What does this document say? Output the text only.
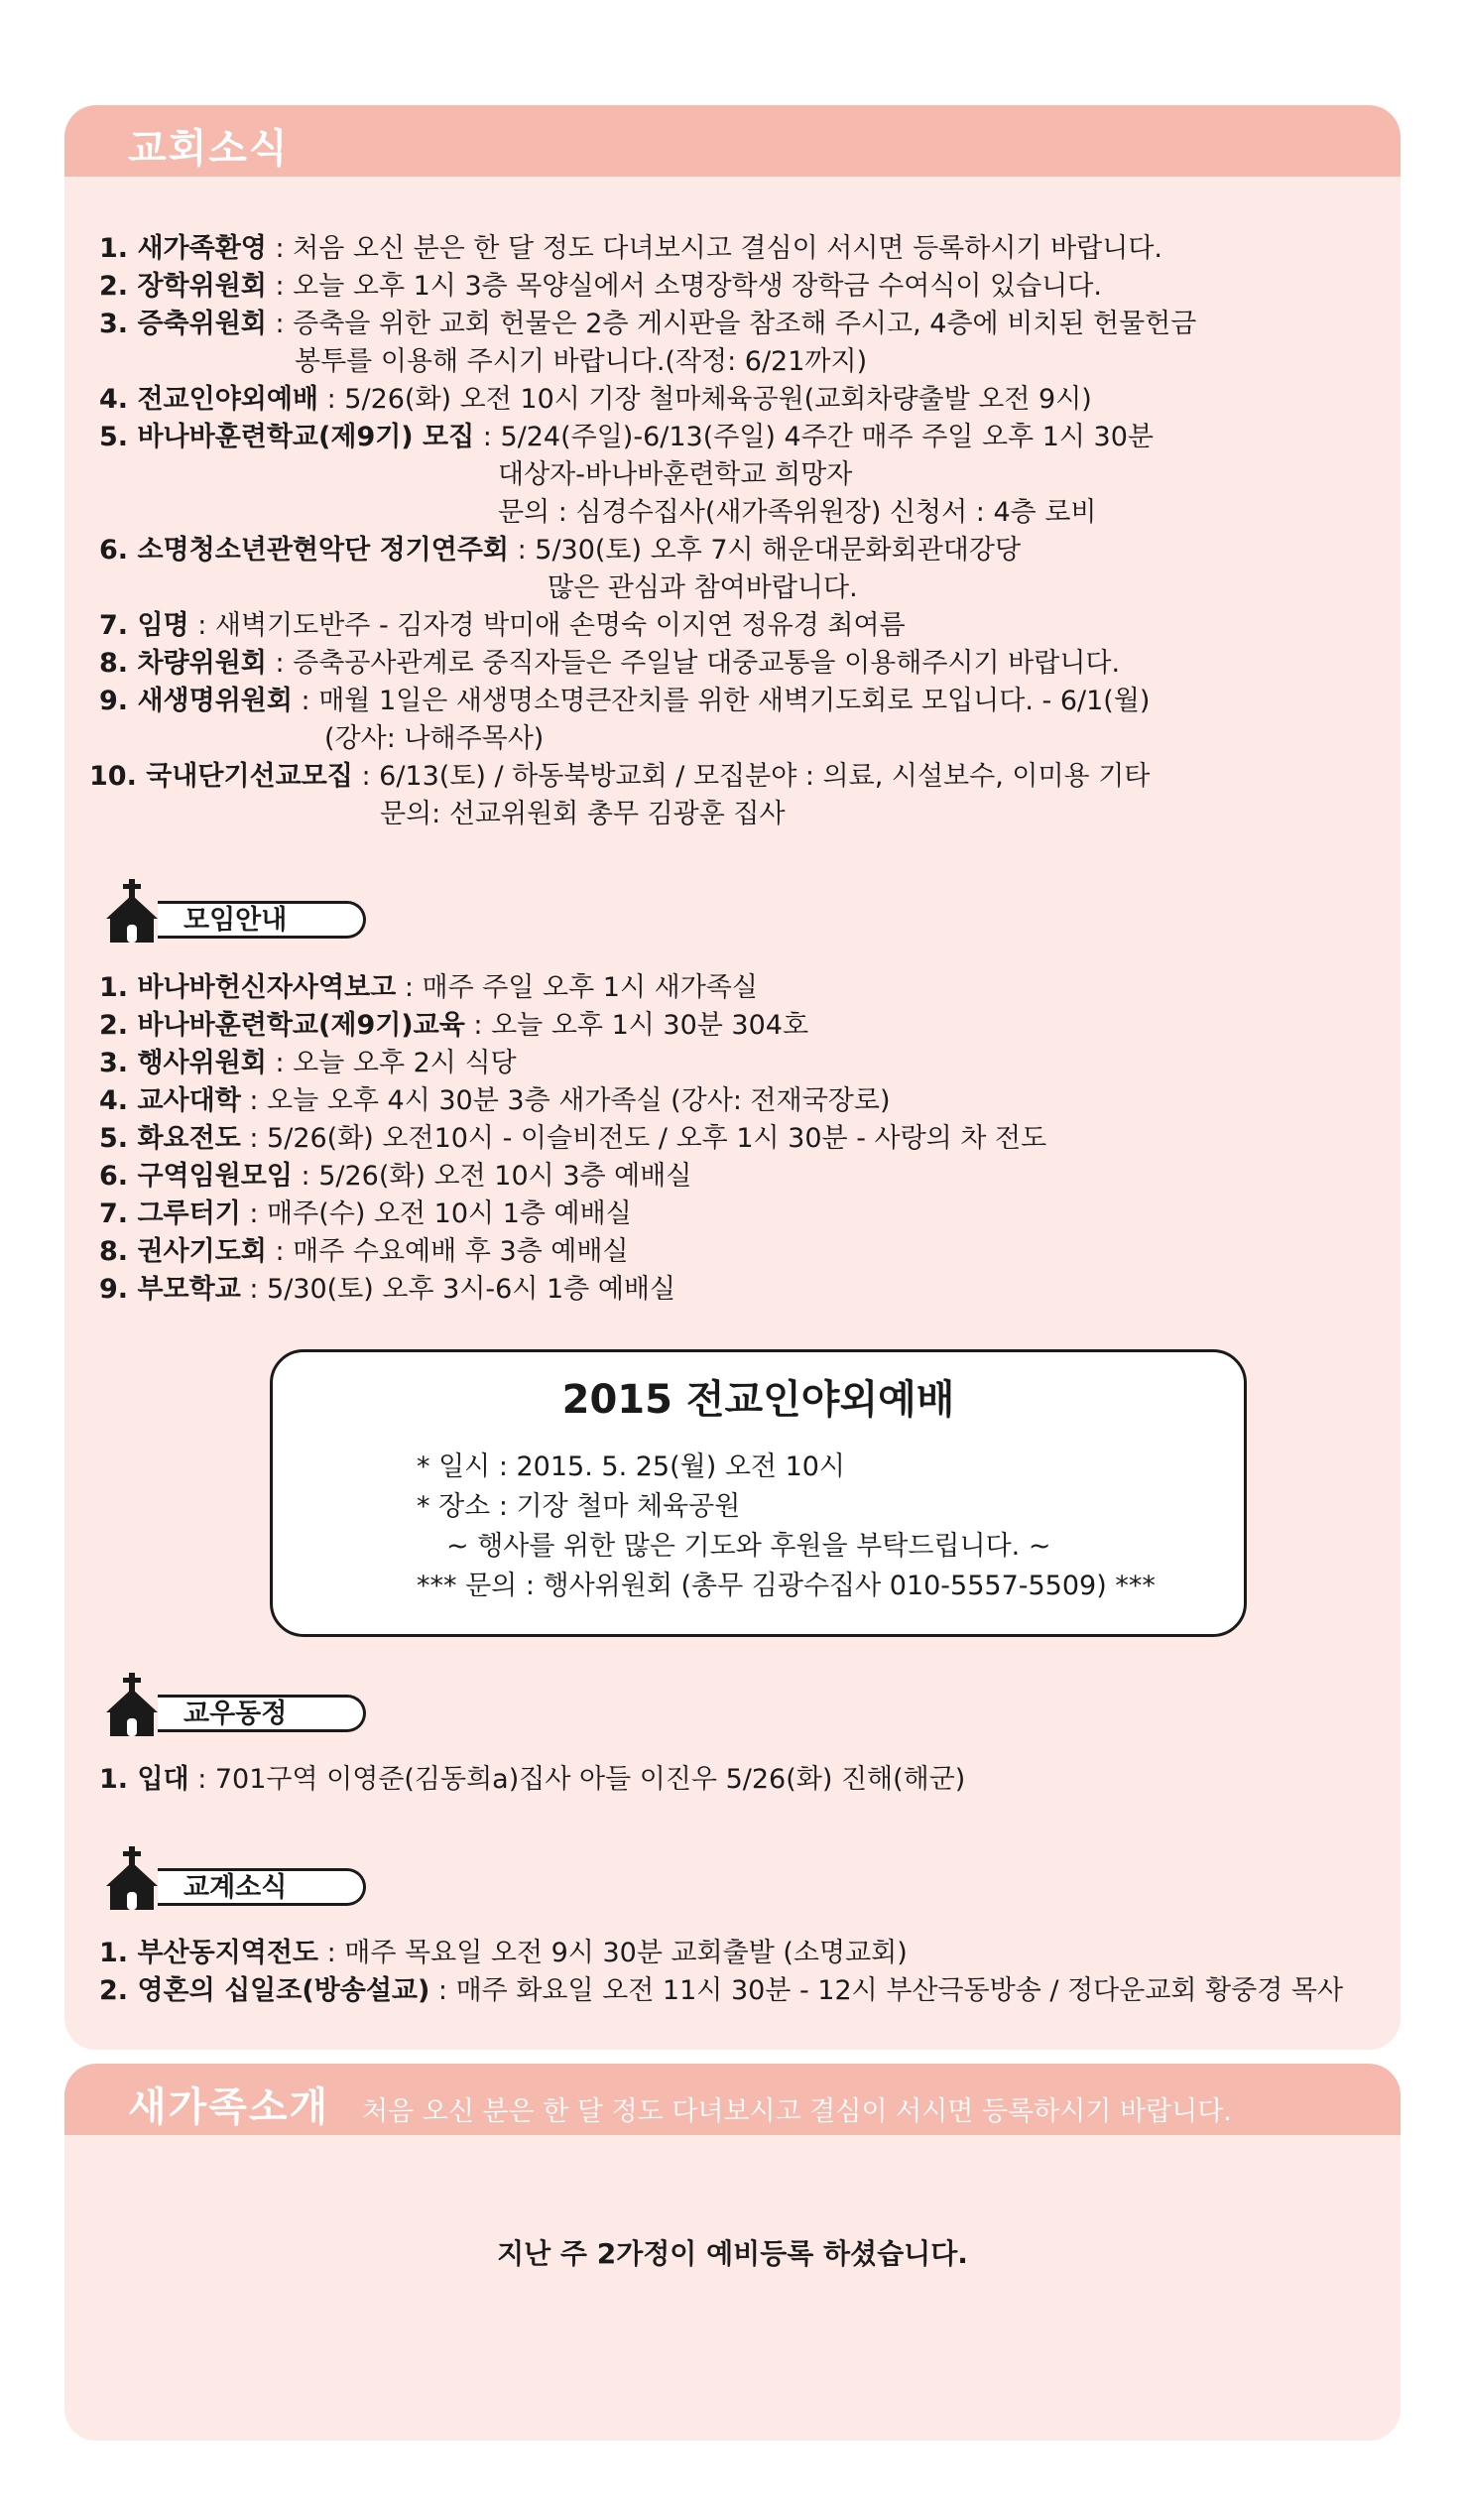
교회소식
1. 새가족환영 : 처음 오신 분은 한 달 정도 다녀보시고 결심이 서시면 등록하시기 바랍니다.
2. 장학위원회 : 오늘 오후 1시 3층 목양실에서 소명장학생 장학금 수여식이 있습니다.
3. 증축위원회 : 증축을 위한 교회 헌물은 2층 게시판을 참조해 주시고, 4층에 비치된 헌물헌금
봉투를 이용해 주시기 바랍니다.(작정: 6/21까지)
4. 전교인야외예배 : 5/26(화) 오전 10시 기장 철마체육공원(교회차량출발 오전 9시)
5. 바나바훈련학교(제9기) 모집 : 5/24(주일)-6/13(주일) 4주간 매주 주일 오후 1시 30분
대상자-바나바훈련학교 희망자
문의 : 심경수집사(새가족위원장) 신청서 : 4층 로비
6. 소명청소년관현악단 정기연주회 : 5/30(토) 오후 7시 해운대문화회관대강당
많은 관심과 참여바랍니다.
7. 임명 : 새벽기도반주 - 김자경 박미애 손명숙 이지연 정유경 최여름
8. 차량위원회 : 증축공사관계로 중직자들은 주일날 대중교통을 이용해주시기 바랍니다.
9. 새생명위원회 : 매월 1일은 새생명소명큰잔치를 위한 새벽기도회로 모입니다. - 6/1(월)
(강사: 나해주목사)
10. 국내단기선교모집 : 6/13(토) / 하동북방교회 / 모집분야 : 의료, 시설보수, 이미용 기타
문의: 선교위원회 총무 김광훈 집사
모임안내
1. 바나바헌신자사역보고 : 매주 주일 오후 1시 새가족실
2. 바나바훈련학교(제9기)교육 : 오늘 오후 1시 30분 304호
3. 행사위원회 : 오늘 오후 2시 식당
4. 교사대학 : 오늘 오후 4시 30분 3층 새가족실 (강사: 전재국장로)
5. 화요전도 : 5/26(화) 오전10시 - 이슬비전도 / 오후 1시 30분 - 사랑의 차 전도
6. 구역임원모임 : 5/26(화) 오전 10시 3층 예배실
7. 그루터기 : 매주(수) 오전 10시 1층 예배실
8. 권사기도회 : 매주 수요예배 후 3층 예배실
9. 부모학교 : 5/30(토) 오후 3시-6시 1층 예배실
2015 전교인야외예배
* 일시 : 2015. 5. 25(월) 오전 10시
* 장소 : 기장 철마 체육공원
~ 행사를 위한 많은 기도와 후원을 부탁드립니다. ~
*** 문의 : 행사위원회 (총무 김광수집사 010-5557-5509) ***
교우동정
1. 입대 : 701구역 이영준(김동희a)집사 아들 이진우 5/26(화) 진해(해군)
교계소식
1. 부산동지역전도 : 매주 목요일 오전 9시 30분 교회출발 (소명교회)
2. 영혼의 십일조(방송설교) : 매주 화요일 오전 11시 30분 - 12시 부산극동방송 / 정다운교회 황중경 목사
새가족소개 처음 오신 분은 한 달 정도 다녀보시고 결심이 서시면 등록하시기 바랍니다.
지난 주 2가정이 예비등록 하셨습니다.
